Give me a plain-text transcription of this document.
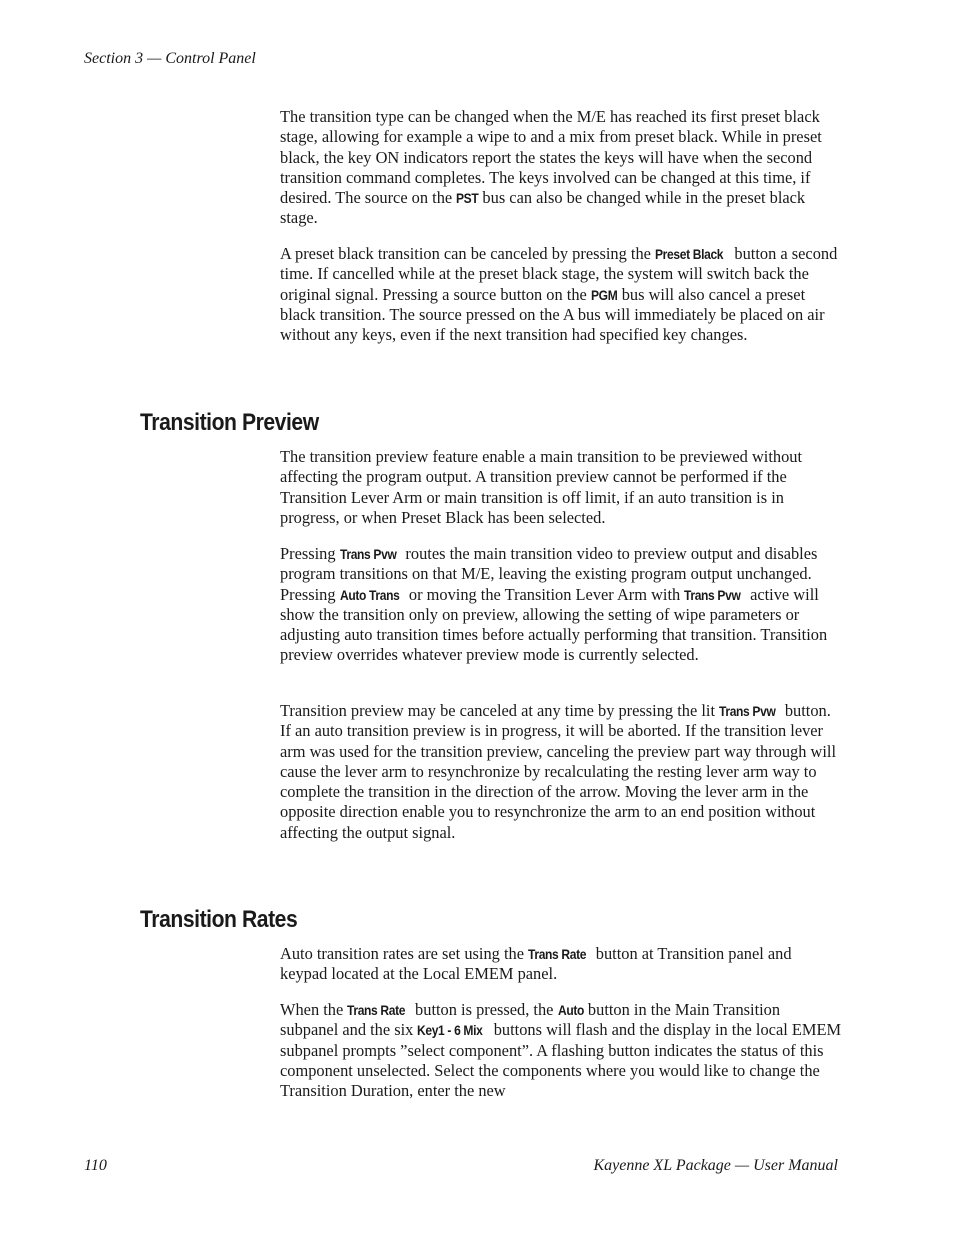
Section 3 — Control Panel

The transition type can be changed when the M/E has reached its first preset black stage, allowing for example a wipe to and a mix from preset black. While in preset black, the key ON indicators report the states the keys will have when the second transition command completes. The keys involved can be changed at this time, if desired. The source on the PST bus can also be changed while in the preset black stage.

A preset black transition can be canceled by pressing the Preset Black button a second time. If cancelled while at the preset black stage, the system will switch back the original signal. Pressing a source button on the PGM bus will also cancel a preset black transition. The source pressed on the A bus will immediately be placed on air without any keys, even if the next transition had specified key changes.

Transition Preview

The transition preview feature enable a main transition to be previewed without affecting the program output. A transition preview cannot be performed if the Transition Lever Arm or main transition is off limit, if an auto transition is in progress, or when Preset Black has been selected.

Pressing Trans Pvw routes the main transition video to preview output and disables program transitions on that M/E, leaving the existing program output unchanged. Pressing Auto Trans or moving the Transition Lever Arm with Trans Pvw active will show the transition only on preview, allowing the setting of wipe parameters or adjusting auto transition times before actually performing that transition. Transition preview overrides whatever preview mode is currently selected.

Transition preview may be canceled at any time by pressing the lit Trans Pvw button. If an auto transition preview is in progress, it will be aborted. If the transition lever arm was used for the transition preview, canceling the preview part way through will cause the lever arm to resynchronize by recalculating the resting lever arm way to complete the transition in the direction of the arrow. Moving the lever arm in the opposite direction enable you to resynchronize the arm to an end position without affecting the output signal.

Transition Rates

Auto transition rates are set using the Trans Rate button at Transition panel and keypad located at the Local EMEM panel.

When the Trans Rate button is pressed, the Auto button in the Main Transition subpanel and the six Key1 - 6 Mix buttons will flash and the display in the local EMEM subpanel prompts ”select component”. A flashing button indicates the status of this component unselected. Select the components where you would like to change the Transition Duration, enter the new

110	Kayenne XL Package — User Manual
